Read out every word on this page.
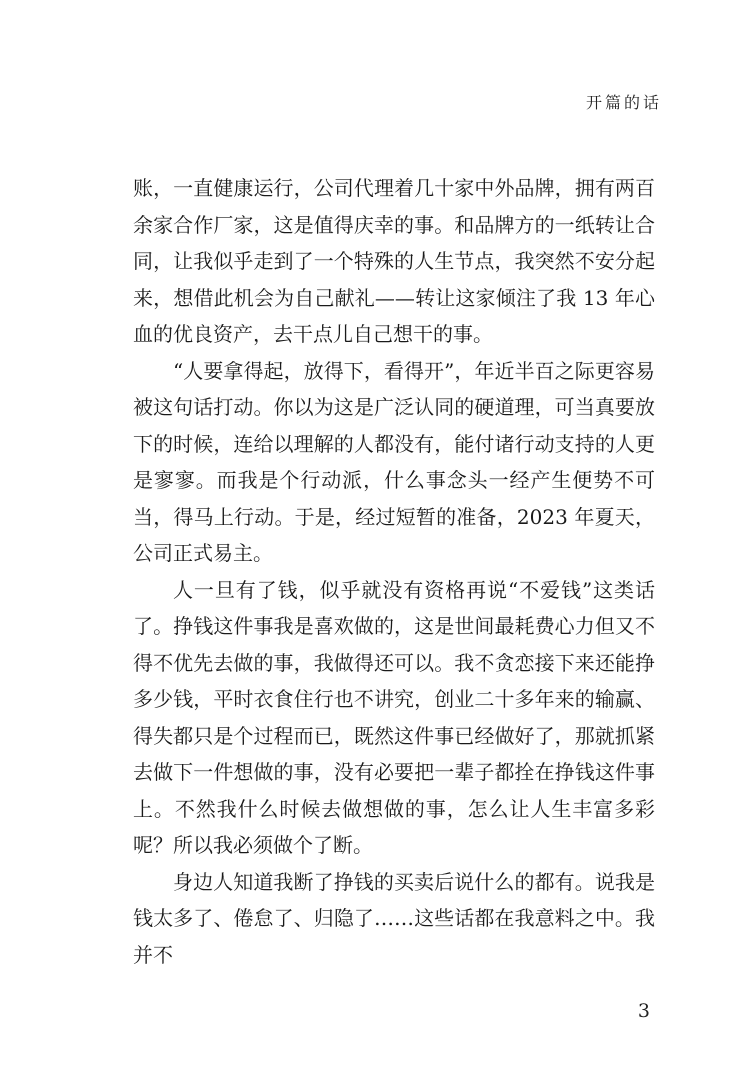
开篇的话

账，一直健康运行，公司代理着几十家中外品牌，拥有两百余家合作厂家，这是值得庆幸的事。和品牌方的一纸转让合同，让我似乎走到了一个特殊的人生节点，我突然不安分起来，想借此机会为自己献礼——转让这家倾注了我 13 年心血的优良资产，去干点儿自己想干的事。

“人要拿得起，放得下，看得开”，年近半百之际更容易被这句话打动。你以为这是广泛认同的硬道理，可当真要放下的时候，连给以理解的人都没有，能付诸行动支持的人更是寥寥。而我是个行动派，什么事念头一经产生便势不可当，得马上行动。于是，经过短暂的准备，2023 年夏天，公司正式易主。

人一旦有了钱，似乎就没有资格再说“不爱钱”这类话了。挣钱这件事我是喜欢做的，这是世间最耗费心力但又不得不优先去做的事，我做得还可以。我不贪恋接下来还能挣多少钱，平时衣食住行也不讲究，创业二十多年来的输赢、得失都只是个过程而已，既然这件事已经做好了，那就抓紧去做下一件想做的事，没有必要把一辈子都拴在挣钱这件事上。不然我什么时候去做想做的事，怎么让人生丰富多彩呢？所以我必须做个了断。

身边人知道我断了挣钱的买卖后说什么的都有。说我是钱太多了、倦怠了、归隐了……这些话都在我意料之中。我并不

3
